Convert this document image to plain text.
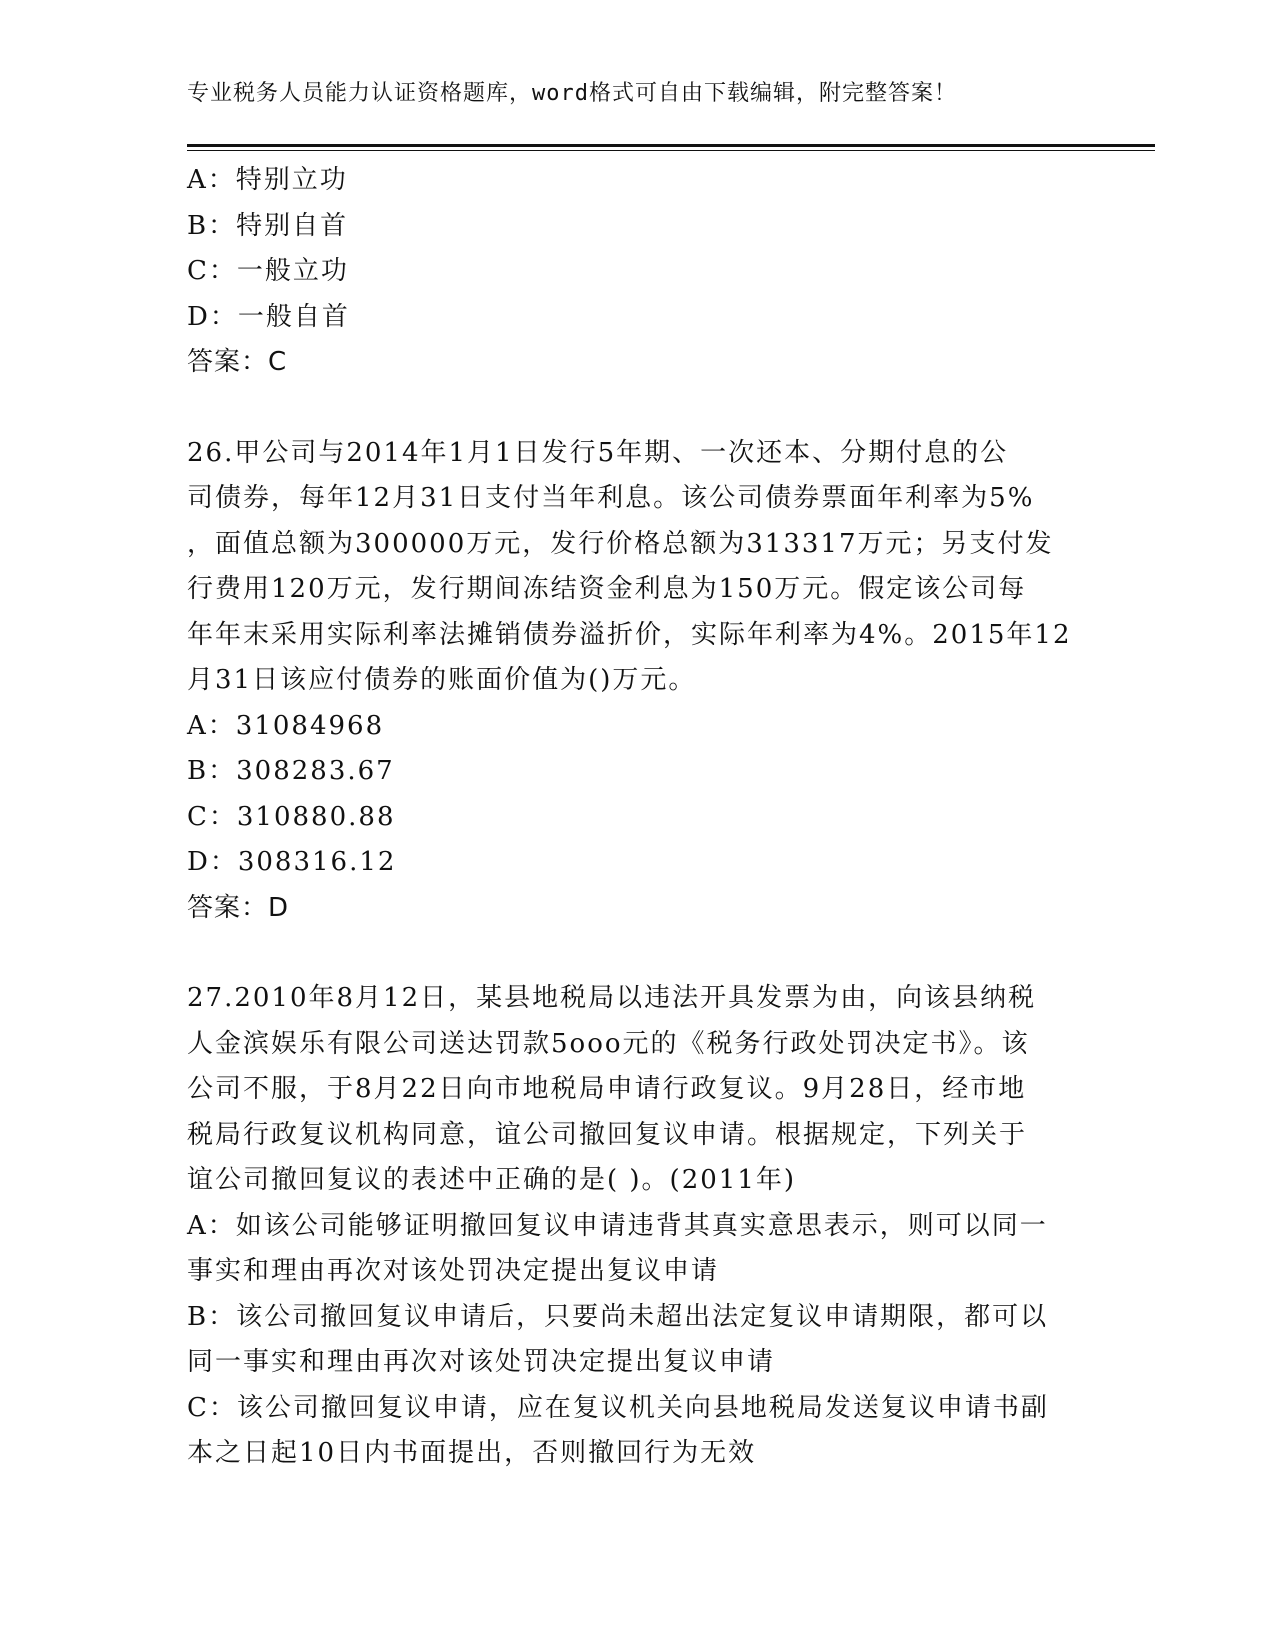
专业税务人员能力认证资格题库，word格式可自由下载编辑，附完整答案！
A：特别立功
B：特别自首
C：一般立功
D：一般自首
答案：C
26.甲公司与2014年1月1日发行5年期、一次还本、分期付息的公
司债券，每年12月31日支付当年利息。该公司债券票面年利率为5%
，面值总额为300000万元，发行价格总额为313317万元；另支付发
行费用120万元，发行期间冻结资金利息为150万元。假定该公司每
年年末采用实际利率法摊销债券溢折价，实际年利率为4%。2015年12
月31日该应付债券的账面价值为()万元。
A：31084968
B：308283.67
C：310880.88
D：308316.12
答案：D
27.2010年8月12日，某县地税局以违法开具发票为由，向该县纳税
人金滨娱乐有限公司送达罚款5ooo元的《税务行政处罚决定书》。该
公司不服，于8月22日向市地税局申请行政复议。9月28日，经市地
税局行政复议机构同意，谊公司撤回复议申请。根据规定，下列关于
谊公司撤回复议的表述中正确的是( )。(2011年)
A：如该公司能够证明撤回复议申请违背其真实意思表示，则可以同一
事实和理由再次对该处罚决定提出复议申请
B：该公司撤回复议申请后，只要尚未超出法定复议申请期限，都可以
同一事实和理由再次对该处罚决定提出复议申请
C：该公司撤回复议申请，应在复议机关向县地税局发送复议申请书副
本之日起10日内书面提出，否则撤回行为无效
